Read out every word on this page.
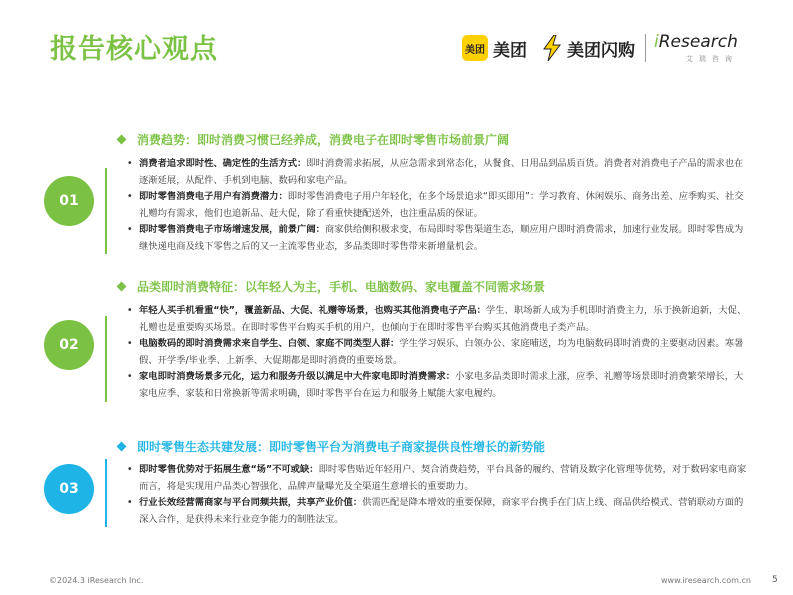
报告核心观点	美团 美团 美团闪购 iResearch
艾瑞咨询
01
消费趋势：即时消费习惯已经养成，消费电子在即时零售市场前景广阔
• 消费者追求即时性、确定性的生活方式：即时消费需求拓展，从应急需求到常态化，从餐食、日用品到品质百货。消费者对消费电子产品的需求也在逐渐延展，从配件、手机到电脑、数码和家电产品。
• 即时零售消费电子用户有消费潜力：即时零售消费电子用户年轻化，在多个场景追求“即买即用”：学习教育、休闲娱乐、商务出差、应季购买、社交礼赠均有需求，他们也追新品、赶大促，除了看重快捷配送外，也注重品质的保证。
• 即时零售消费电子市场增速发展，前景广阔：商家供给侧积极求变，布局即时零售渠道生态，顺应用户即时消费需求，加速行业发展。即时零售成为继快递电商及线下零售之后的又一主流零售业态，多品类即时零售带来新增量机会。
02
品类即时消费特征：以年轻人为主，手机、电脑数码、家电覆盖不同需求场景
• 年轻人买手机看重“快”，覆盖新品、大促、礼赠等场景，也购买其他消费电子产品：学生、职场新人成为手机即时消费主力，乐于换新追新，大促、礼赠也是重要购买场景。在即时零售平台购买手机的用户，也倾向于在即时零售平台购买其他消费电子类产品。
• 电脑数码的即时消费需求来自学生、白领、家庭不同类型人群：学生学习娱乐、白领办公、家庭哺送，均为电脑数码即时消费的主要驱动因素。寒暑假、开学季/毕业季、上新季、大促期都是即时消费的重要场景。
• 家电即时消费场景多元化，运力和服务升级以满足中大件家电即时消费需求：小家电多品类即时需求上涨，应季、礼赠等场景即时消费繁荣增长，大家电应季、家装和日常换新等需求明确，即时零售平台在运力和服务上赋能大家电履约。
03
即时零售生态共建发展：即时零售平台为消费电子商家提供良性增长的新势能
• 即时零售优势对于拓展生意“场”不可或缺：即时零售贴近年轻用户、契合消费趋势，平台具备的履约、营销及数字化管理等优势，对于数码家电商家而言，将是实现用户品类心智强化、品牌声量曝光及全渠道生意增长的重要助力。
• 行业长效经营需商家与平台同频共振，共享产业价值：供需匹配是降本增效的重要保障，商家平台携手在门店上线、商品供给模式、营销联动方面的深入合作，是获得未来行业竞争能力的制胜法宝。
©2024.3 iResearch Inc.	www.iresearch.com.cn 5
